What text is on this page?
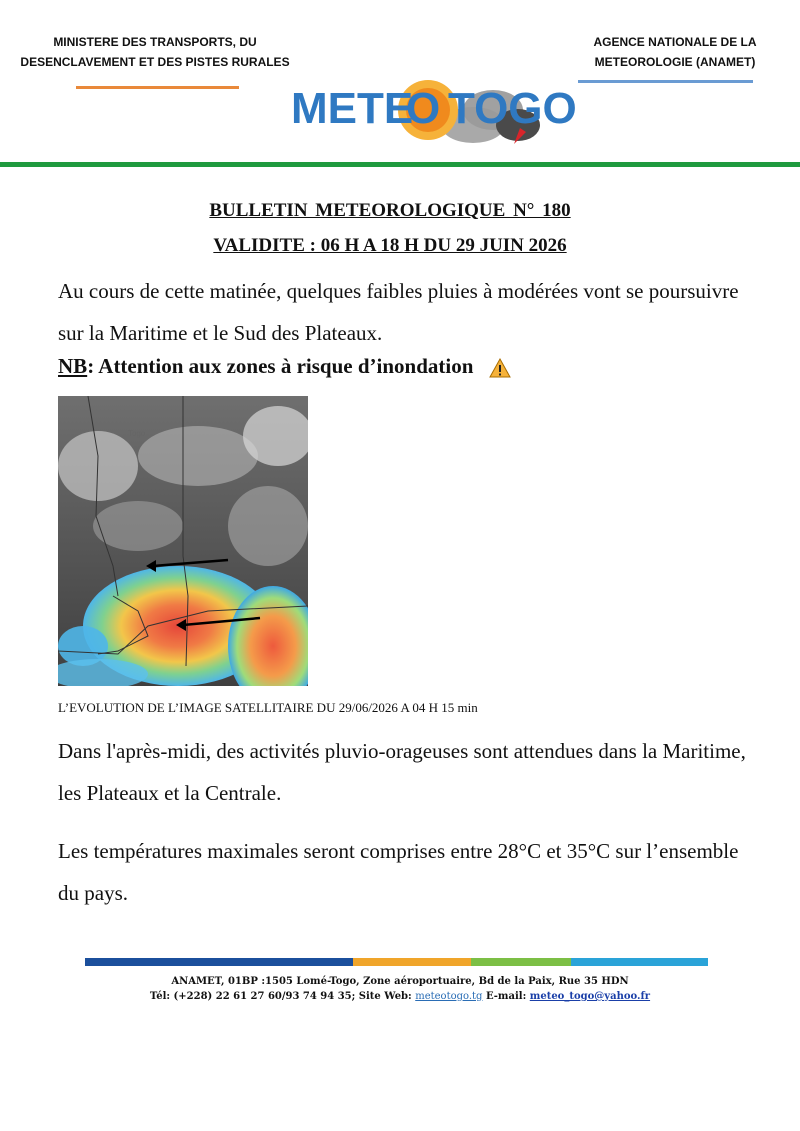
MINISTERE DES TRANSPORTS, DU
DESENCLAVEMENT ET DES PISTES RURALES
AGENCE NATIONALE DE LA
METEOROLOGIE (ANAMET)
METE
O TOGO
BULLETIN METEOROLOGIQUE N° 180
VALIDITE : 06 H A 18 H DU 29 JUIN 2026
Au cours de cette matinée, quelques faibles pluies à modérées vont se poursuivre sur la Maritime et le Sud des Plateaux.
NB: Attention aux zones à risque d’inondation
Togo
L’EVOLUTION DE L’IMAGE SATELLITAIRE DU 29/06/2026 A 04 H 15 min
Dans l'après-midi, des activités pluvio-orageuses sont attendues dans la Maritime, les Plateaux et la Centrale.
Les températures maximales seront comprises entre 28°C et 35°C sur l’ensemble du pays.
ANAMET, 01BP :1505 Lomé-Togo, Zone aéroportuaire, Bd de la Paix, Rue 35 HDN
Tél: (+228) 22 61 27 60/93 74 94 35; Site Web: meteotogo.tg E-mail: meteo_togo@yahoo.fr
